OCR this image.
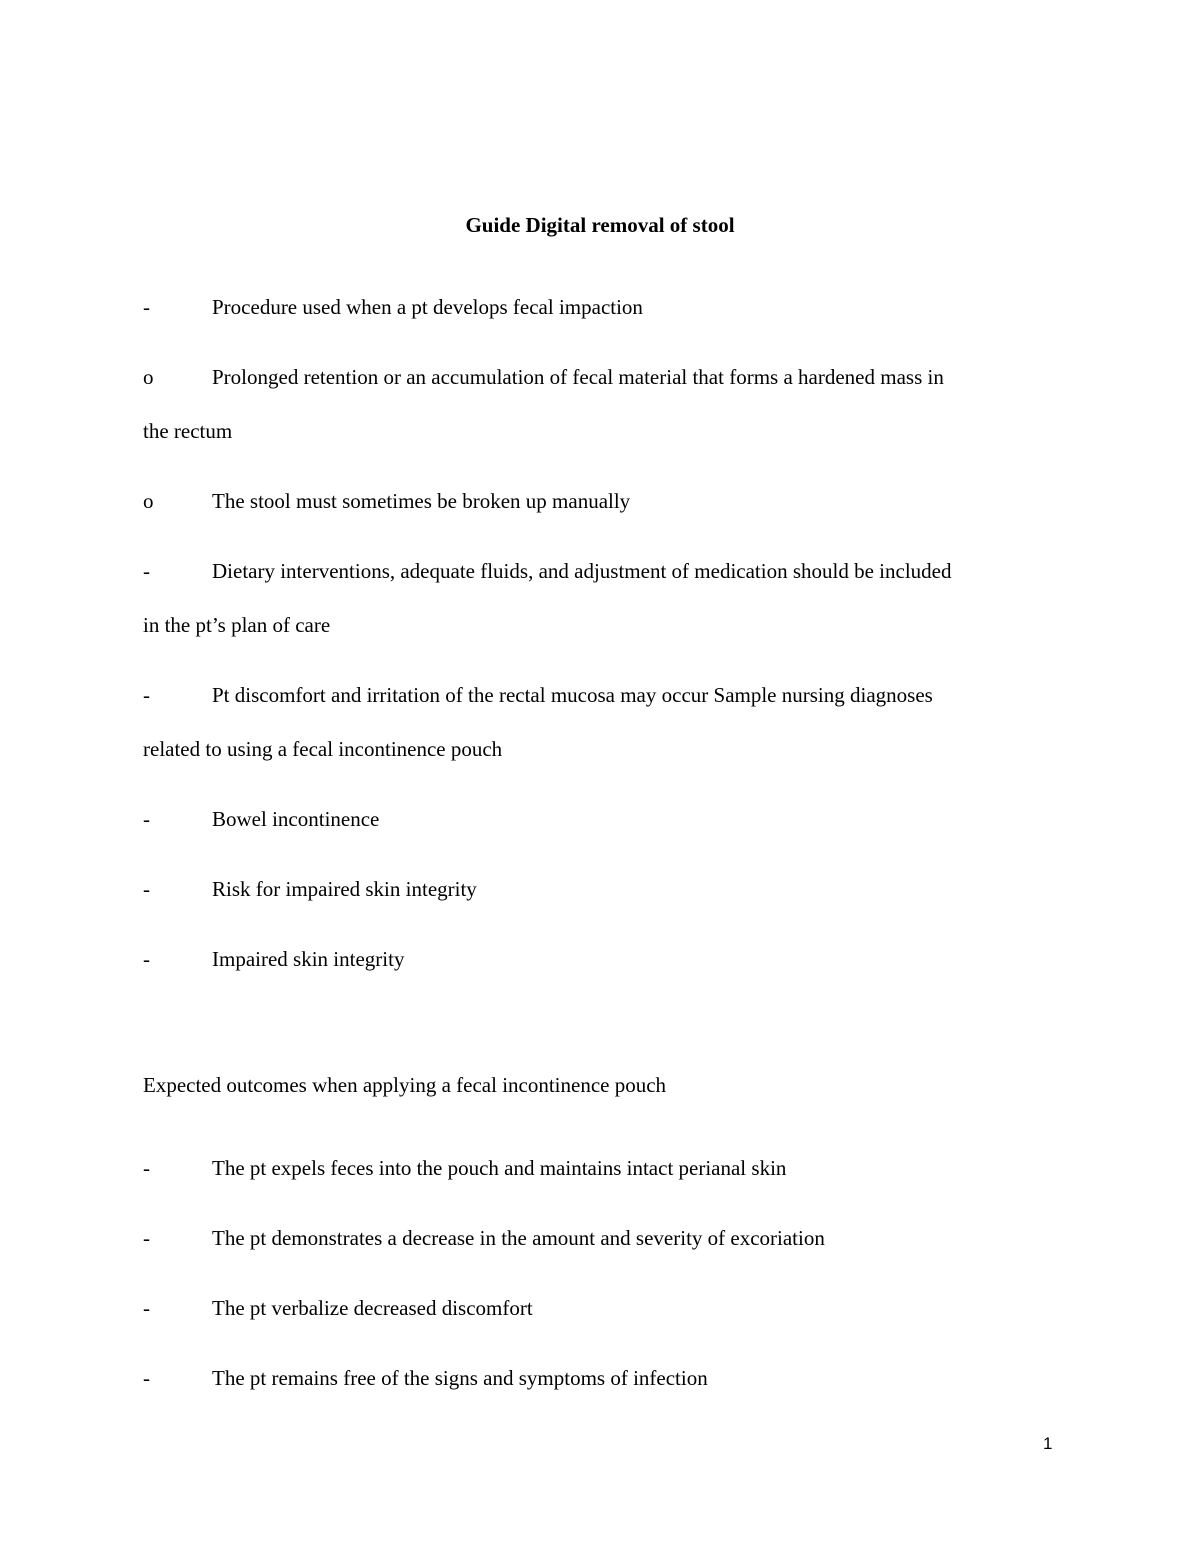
Guide Digital removal of stool
-	Procedure used when a pt develops fecal impaction
o	Prolonged retention or an accumulation of fecal material that forms a hardened mass in
the rectum
o	The stool must sometimes be broken up manually
-	Dietary interventions, adequate fluids, and adjustment of medication should be included
in the pt’s plan of care
-	Pt discomfort and irritation of the rectal mucosa may occur Sample nursing diagnoses
related to using a fecal incontinence pouch
-	Bowel incontinence
-	Risk for impaired skin integrity
-	Impaired skin integrity
Expected outcomes when applying a fecal incontinence pouch
-	The pt expels feces into the pouch and maintains intact perianal skin
-	The pt demonstrates a decrease in the amount and severity of excoriation
-	The pt verbalize decreased discomfort
-	The pt remains free of the signs and symptoms of infection
1
